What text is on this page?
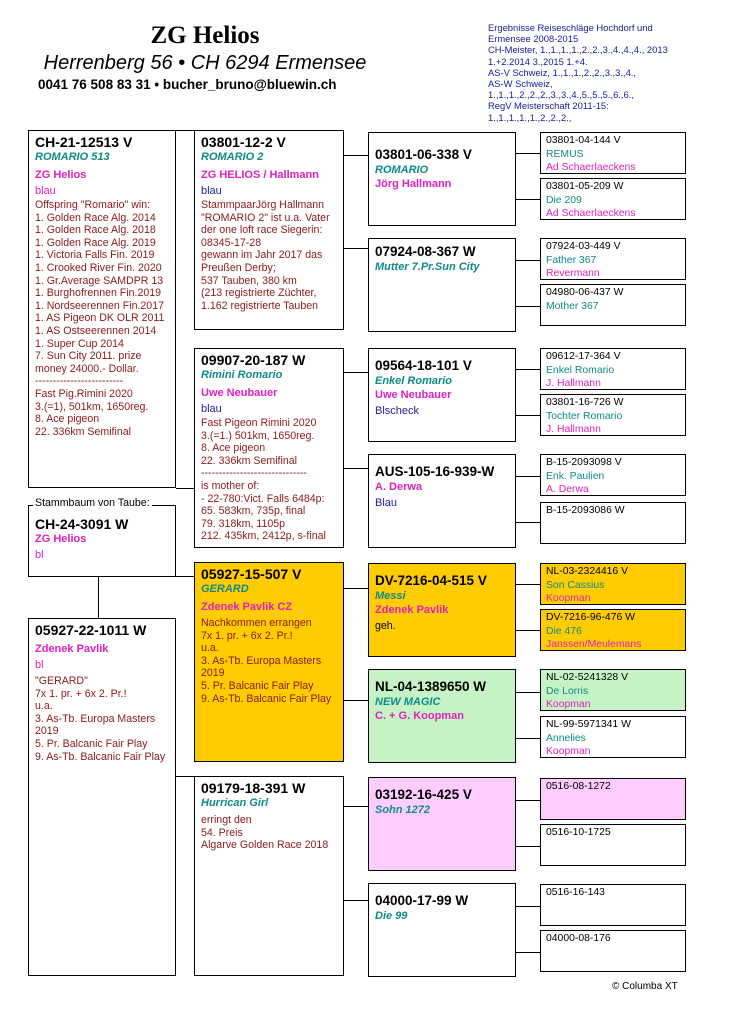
ZG Helios
Herrenberg 56 • CH 6294 Ermensee
0041 76 508 83 31 • bucher_bruno@bluewin.ch
Ergebnisse Reiseschläge Hochdorf und
Ermensee 2008-2015
CH-Meister, 1.,1.,1.,1.,2.,2.,3.,4.,4.,4., 2013
1.+2.2014 3.,2015 1.+4.
AS-V Schweiz, 1.,1.,1.,2.,2.,3.,3.,4.,
AS-W Schweiz,
1.,1.,1.,2.,2.,2.,3.,3.,4.,5.,5.,5.,6.,6.,
RegV Meisterschaft 2011-15:
1.,1.,1.,1.,1.,2.,2.,2.,
CH-21-12513 V
ROMARIO 513
ZG Helios
blau
Offspring "Romario" win:
1. Golden Race Alg. 2014
1. Golden Race Alg. 2018
1. Golden Race Alg. 2019
1. Victoria Falls Fin. 2019
1. Crooked River Fin. 2020
1. Gr.Average SAMDPR 13
1. Burghofrennen Fin.2019
1. Nordseerennen Fin.2017
1. AS Pigeon DK OLR 2011
1. AS Ostseerennen 2014
1. Super Cup 2014
7. Sun City 2011. prize
money 24000.- Dollar.
-------------------------
Fast Pig.Rimini 2020
3.(=1), 501km, 1650reg.
8. Ace pigeon
22. 336km Semifinal
CH-24-3091 W
ZG Helios
bl
Stammbaum von Taube:
05927-22-1011 W
Zdenek Pavlik
bl
"GERARD"
7x 1. pr. + 6x 2. Pr.!
u.a.
3. As-Tb. Europa Masters
2019
5. Pr. Balcanic Fair Play
9. As-Tb. Balcanic Fair Play
03801-12-2 V
ROMARIO 2
ZG HELIOS / Hallmann
blau
StammpaarJörg Hallmann
"ROMARIO 2" ist u.a. Vater
der one loft race Siegerin:
08345-17-28
gewann im Jahr 2017 das
Preußen Derby;
537 Tauben, 380 km
(213 registrierte Züchter,
1.162 registrierte Tauben
09907-20-187 W
Rimini Romario
Uwe Neubauer
blau
Fast Pigeon Rimini 2020
3.(=1.) 501km, 1650reg.
8. Ace pigeon
22. 336km Semifinal
------------------------------
is mother of:
- 22-780:Vict. Falls 6484p:
65. 583km, 735p, final
79. 318km, 1105p
212. 435km, 2412p, s-final
05927-15-507 V
GERARD
Zdenek Pavlik CZ
Nachkommen errangen
7x 1. pr. + 6x 2. Pr.!
u.a.
3. As-Tb. Europa Masters
2019
5. Pr. Balcanic Fair Play
9. As-Tb. Balcanic Fair Play
09179-18-391 W
Hurrican Girl
erringt den
54. Preis
Algarve Golden Race 2018
03801-06-338 V
ROMARIO
Jörg Hallmann
07924-08-367 W
Mutter 7.Pr.Sun City
09564-18-101 V
Enkel Romario
Uwe Neubauer
Blscheck
AUS-105-16-939-W
A. Derwa
Blau
DV-7216-04-515 V
Messi
Zdenek Pavlik
geh.
NL-04-1389650 W
NEW MAGIC
C. + G. Koopman
03192-16-425 V
Sohn 1272
04000-17-99 W
Die 99
03801-04-144 V
REMUS
Ad Schaerlaeckens
03801-05-209 W
Die 209
Ad Schaerlaeckens
07924-03-449 V
Father 367
Revermann
04980-06-437 W
Mother 367
09612-17-364 V
Enkel Romario
J. Hallmann
03801-16-726 W
Tochter Romario
J. Hallmann
B-15-2093098 V
Enk. Paulien
A. Derwa
B-15-2093086 W
NL-03-2324416 V
Son Cassius
Koopman
DV-7216-96-476 W
Die 476
Janssen/Meulemans
NL-02-5241328 V
De Lorris
Koopman
NL-99-5971341 W
Annelies
Koopman
0516-08-1272
0516-10-1725
0516-16-143
04000-08-176
© Columba XT
